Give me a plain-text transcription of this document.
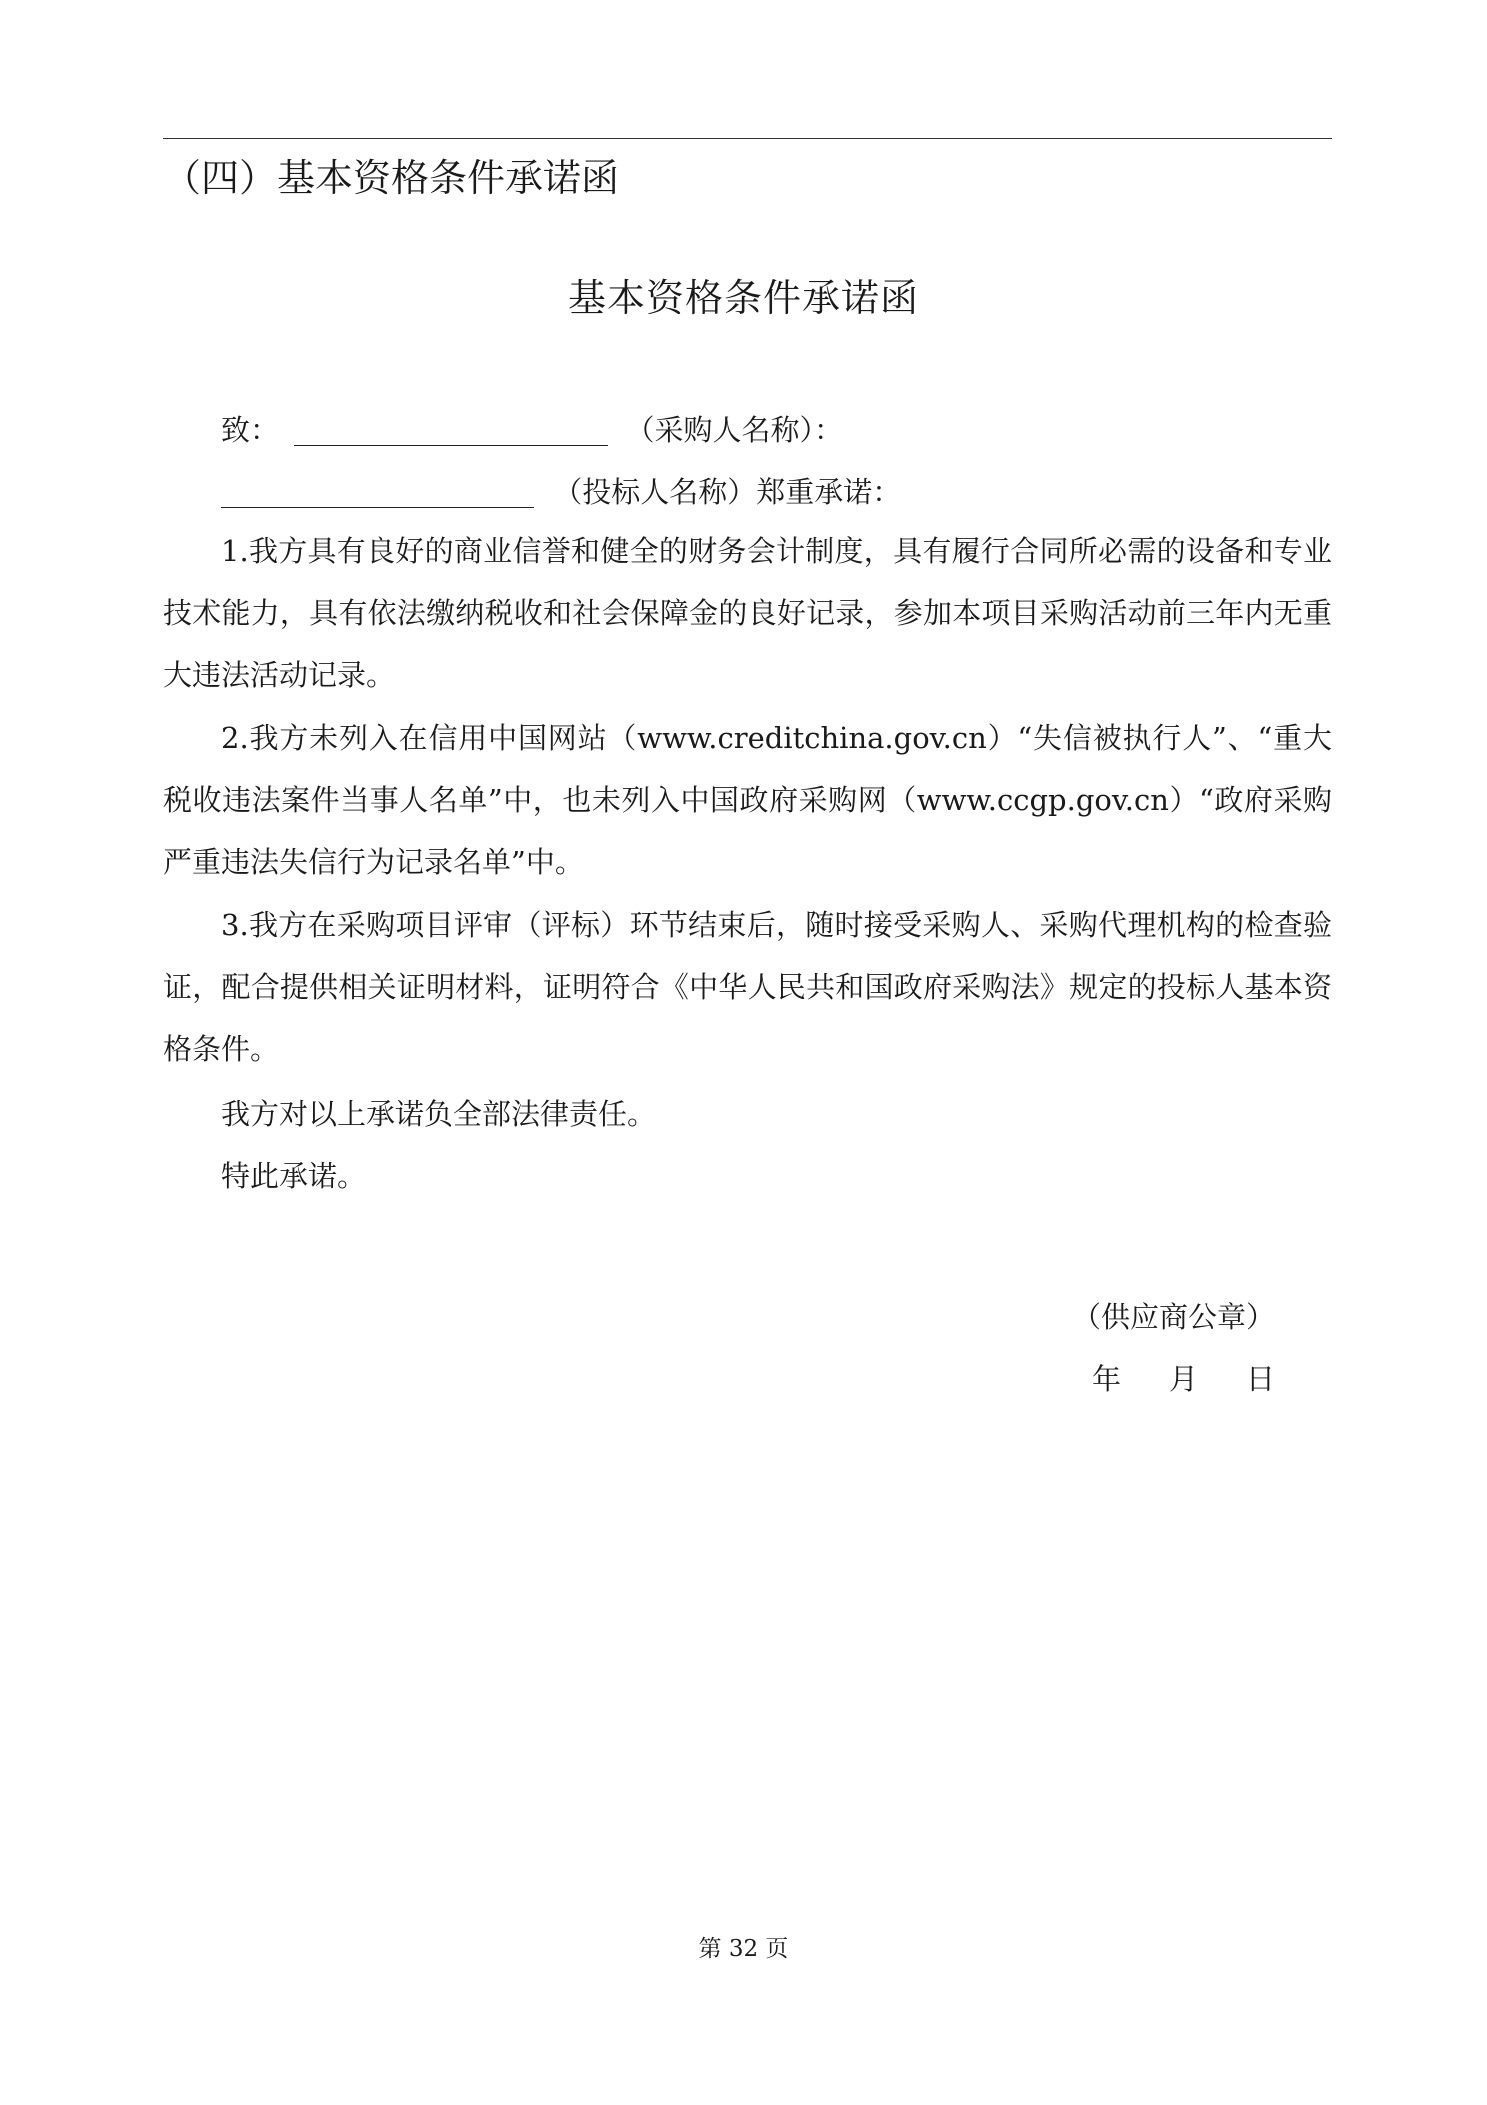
（四）基本资格条件承诺函
基本资格条件承诺函
致：	（采购人名称）：
（投标人名称）郑重承诺：
1.我方具有良好的商业信誉和健全的财务会计制度，具有履行合同所必需的设备和专业技术能力，具有依法缴纳税收和社会保障金的良好记录，参加本项目采购活动前三年内无重大违法活动记录。
2.我方未列入在信用中国网站（www.creditchina.gov.cn）“失信被执行人”、“重大税收违法案件当事人名单”中，也未列入中国政府采购网（www.ccgp.gov.cn）“政府采购严重违法失信行为记录名单”中。
3.我方在采购项目评审（评标）环节结束后，随时接受采购人、采购代理机构的检查验证，配合提供相关证明材料，证明符合《中华人民共和国政府采购法》规定的投标人基本资格条件。
我方对以上承诺负全部法律责任。
特此承诺。
（供应商公章）
年 月 日
第 32 页
